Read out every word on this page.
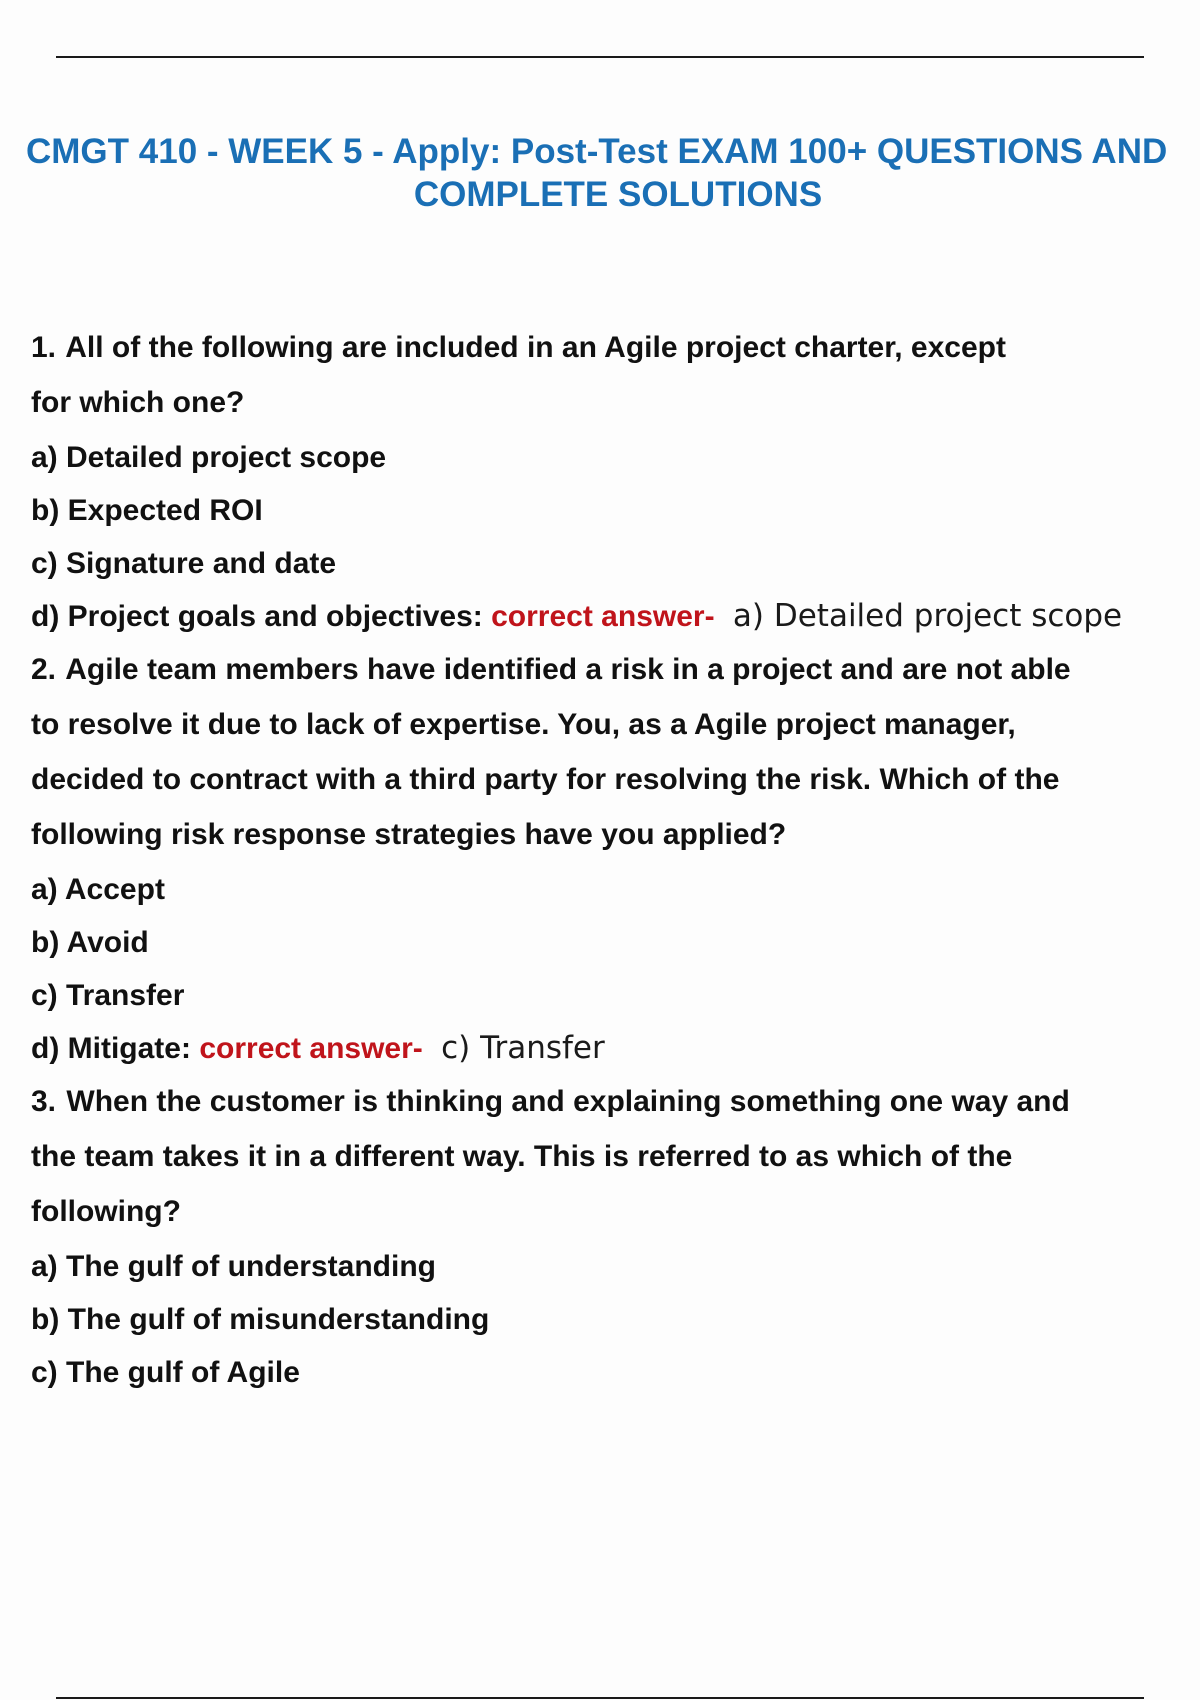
CMGT 410 - WEEK 5 - Apply: Post-Test EXAM 100+ QUESTIONS AND
COMPLETE SOLUTIONS
1. All of the following are included in an Agile project charter, except
for which one?
a) Detailed project scope
b) Expected ROI
c) Signature and date
d) Project goals and objectives: correct answer- a) Detailed project scope
2. Agile team members have identified a risk in a project and are not able
to resolve it due to lack of expertise. You, as a Agile project manager,
decided to contract with a third party for resolving the risk. Which of the
following risk response strategies have you applied?
a) Accept
b) Avoid
c) Transfer
d) Mitigate: correct answer- c) Transfer
3. When the customer is thinking and explaining something one way and
the team takes it in a different way. This is referred to as which of the
following?
a) The gulf of understanding
b) The gulf of misunderstanding
c) The gulf of Agile
